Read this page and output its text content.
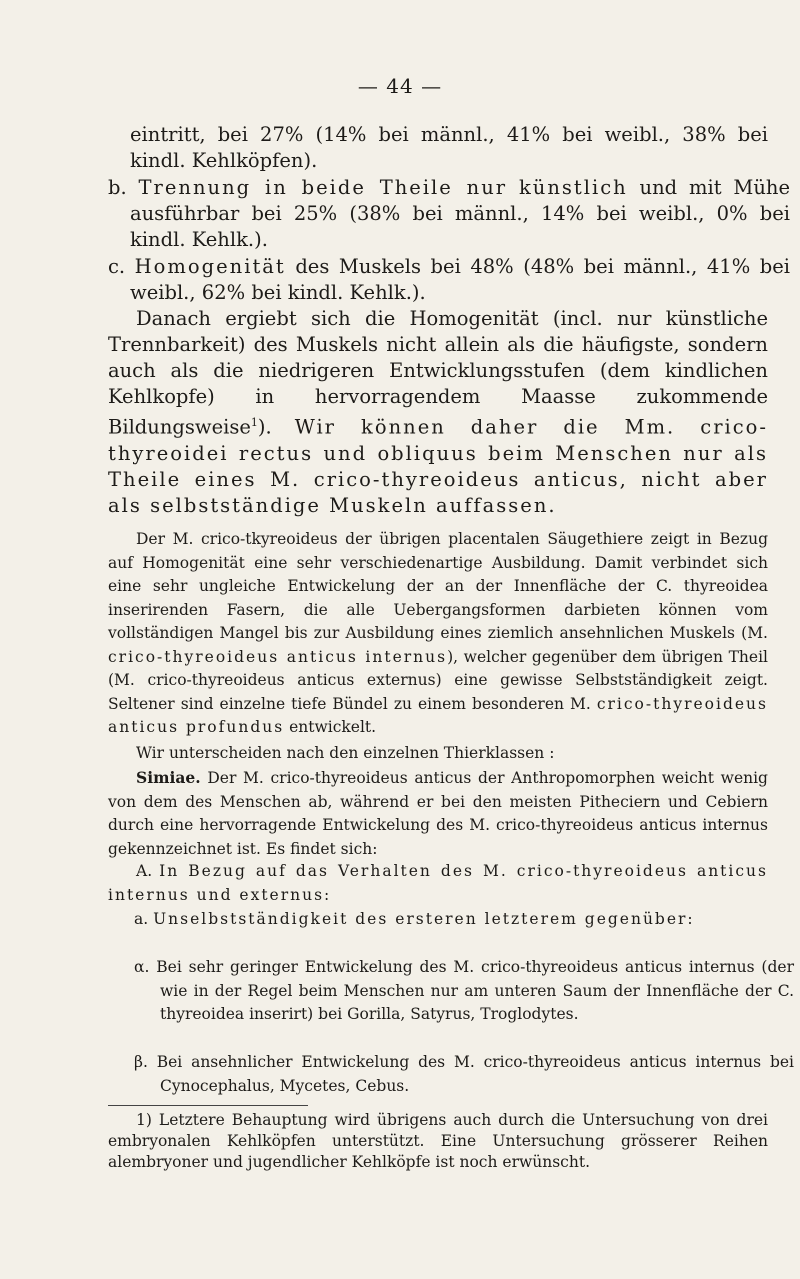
— 44 —

eintritt, bei 27% (14% bei männl., 41% bei weibl., 38% bei kindl. Kehlköpfen).

b. Trennung in beide Theile nur künstlich und mit Mühe ausführbar bei 25% (38% bei männl., 14% bei weibl., 0% bei kindl. Kehlk.).

c. Homogenität des Muskels bei 48% (48% bei männl., 41% bei weibl., 62% bei kindl. Kehlk.).

Danach ergiebt sich die Homogenität (incl. nur künstliche Trennbarkeit) des Muskels nicht allein als die häufigste, sondern auch als die niedrigeren Entwicklungsstufen (dem kindlichen Kehlkopfe) in hervorragendem Maasse zukommende Bildungsweise$^1$). Wir können daher die Mm. crico-thyreoidei rectus und obliquus beim Menschen nur als Theile eines M. crico-thyreoideus anticus, nicht aber als selbstständige Muskeln auffassen.

Der M. crico-tkyreoideus der übrigen placentalen Säugethiere zeigt in Bezug auf Homogenität eine sehr verschiedenartige Ausbildung. Damit verbindet sich eine sehr ungleiche Entwickelung der an der Innenfläche der C. thyreoidea inserirenden Fasern, die alle Uebergangsformen darbieten können vom vollständigen Mangel bis zur Ausbildung eines ziemlich ansehnlichen Muskels (M. crico-thyreoideus anticus internus), welcher gegenüber dem übrigen Theil (M. crico-thyreoideus anticus externus) eine gewisse Selbstständigkeit zeigt. Seltener sind einzelne tiefe Bündel zu einem besonderen M. crico-thyreoideus anticus profundus entwickelt.

Wir unterscheiden nach den einzelnen Thierklassen :

Simiae. Der M. crico-thyreoideus anticus der Anthropomorphen weicht wenig von dem des Menschen ab, während er bei den meisten Pitheciern und Cebiern durch eine hervorragende Entwickelung des M. crico-thyreoideus anticus internus gekennzeichnet ist. Es findet sich:

A. In Bezug auf das Verhalten des M. crico-thyreoideus anticus internus und externus:

a. Unselbstständigkeit des ersteren letzterem gegenüber:

α. Bei sehr geringer Entwickelung des M. crico-thyreoideus anticus internus (der wie in der Regel beim Menschen nur am unteren Saum der Innenfläche der C. thyreoidea inserirt) bei Gorilla, Satyrus, Troglodytes.

β. Bei ansehnlicher Entwickelung des M. crico-thyreoideus anticus internus bei Cynocephalus, Mycetes, Cebus.

1) Letztere Behauptung wird übrigens auch durch die Untersuchung von drei embryonalen Kehlköpfen unterstützt. Eine Untersuchung grösserer Reihen alembryoner und jugendlicher Kehlköpfe ist noch erwünscht.
